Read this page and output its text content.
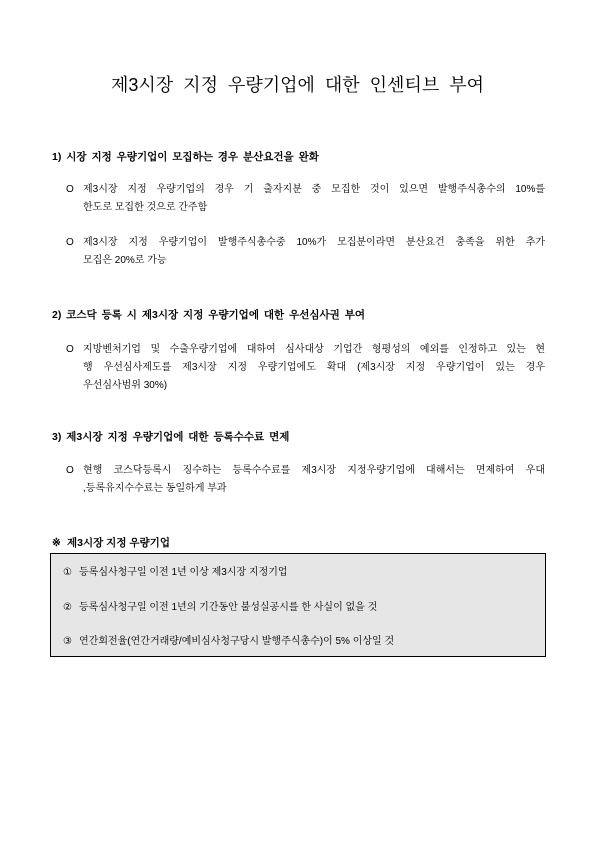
제3시장 지정 우량기업에 대한 인센티브 부여
1) 시장 지정 우량기업이 모집하는 경우 분산요건을 완화
O 제3시장 지정 우량기업의 경우 기 출자지분 중 모집한 것이 있으면 발행주식총수의 10%를
한도로 모집한 것으로 간주함
O 제3시장 지정 우량기업이 발행주식총수중 10%가 모집분이라면 분산요건 충족을 위한 추가
모집은 20%로 가능
2) 코스닥 등록 시 제3시장 지정 우량기업에 대한 우선심사권 부여
O 지방벤처기업 및 수출우량기업에 대하여 심사대상 기업간 형평성의 예외를 인정하고 있는 현
행 우선심사제도를 제3시장 지정 우량기업에도 확대 (제3시장 지정 우량기업이 있는 경우
우선심사범위 30%)
3) 제3시장 지정 우량기업에 대한 등록수수료 면제
O 현행 코스닥등록시 징수하는 등록수수료를 제3시장 지정우량기업에 대해서는 면제하여 우대
,등록유지수수료는 동일하게 부과
※ 제3시장 지정 우량기업
① 등록심사청구일 이전 1년 이상 제3시장 지정기업
② 등록심사청구일 이전 1년의 기간동안 불성실공시를 한 사실이 없을 것
③ 연간회전율(연간거래량/예비심사청구당시 발행주식총수)이 5% 이상일 것
